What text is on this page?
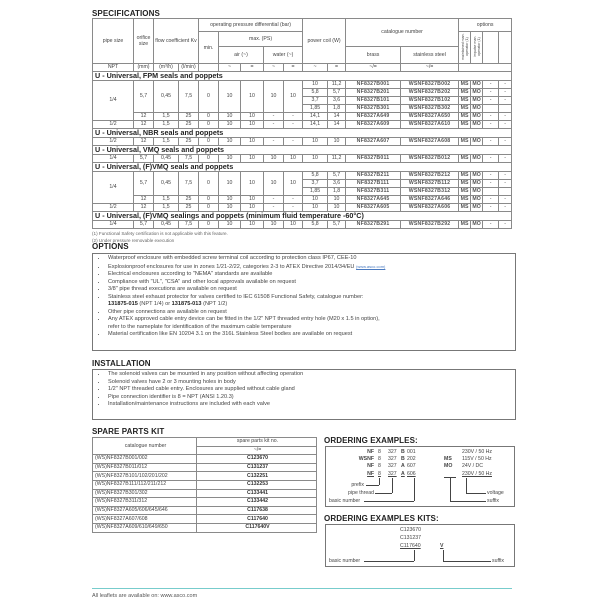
SPECIFICATIONS
pipe size	orifice size	flow coefficient Kv		operating pressure differential (bar)					power coil (W)		catalogue number		options			
				min.	max. (PS)								maintained man. operator (1)	impulse man. operator (1)		
					air (~)		water (~)				brass	stainless steel				
NPT	(mm)	(m³/h)	(l/min)		~	=	~	=	~	=	~/=	~/=				
U - Universal, FPM seals and poppets																
1/4	5,7	0,45	7,5	0	10	10	10	10	10	11,2	NF8327B001	WSNF8327B002	MS	MO	-	-
									5,8	5,7	NF8327B201	WSNF8327B202	MS	MO	-	-
									3,7	3,6	NF8327B101	WSNF8327B102	MS	MO	-	-
									1,85	1,8	NF8327B301	WSNF8327B302	MS	MO		
	12	1,5	25	0	10	10	-	-	14,1	14	NF8327A649	WSNF8327A650	MS	MO	-	-
1/2	12	1,5	25	0	10	10	-	-	14,1	14	NF8327A609	WSNF8327A610	MS	MO	-	-
U - Universal, NBR seals and poppets																
1/2	12	1,5	25	0	10	10	-	-	10	10	NF8327A607	WSNF8327A608	MS	MO	-	-
U - Universal, VMQ seals and poppets																
1/4	5,7	0,45	7,5	0	10	10	10	10	10	11,2	NF8327B011	WSNF8327B012	MS	MO	-	-
U - Universal, (F)VMQ seals and poppets																
1/4	5,7	0,45	7,5	0	10	10	10	10	5,8	5,7	NF8327B211	WSNF8327B212	MS	MO	-	-
									3,7	3,6	NF8327B111	WSNF8327B112	MS	MO	-	-
									1,85	1,8	NF8327B311	WSNF8327B312	MS	MO		
	12	1,5	25	0	10	10	-	-	10	10	NF8327A645	WSNF8327A646	MS	MO	-	-
1/2	12	1,5	25	0	10	10	-	-	10	10	NF8327A605	WSNF8327A606	MS	MO	-	-
U - Universal, (F)VMQ sealings and poppets (minimum fluid temperature -60°C)																
1/4	5,7	0,45	7,5	0	10	10	10	10	5,8	5,7	NF8327B291	WSNF8327B292	MS	MO	-	-
(1) Functional Safety certification is not applicable with this feature.
(2) Under pressure removable execution
OPTIONS
• Waterproof enclosure with embedded screw terminal coil according to protection class IP67, CEE-10
• Explosionproof enclosures for use in zones 1/21-2/22, categories 2-3 to ATEX Directive 2014/34/EU (www.asco.com)
• Electrical enclosures according to "NEMA" standards are available
• Compliance with "UL", "CSA" and other local approvals available on request
• 3/8" pipe thread executions are available on request
• Stainless steel exhaust protector for valves certified to IEC 61508 Functional Safety, catalogue number:
131875-015 (NPT 1/4) or 131875-013 (NPT 1/2)
• Other pipe connections are available on request
• Any ATEX approved cable entry device can be fitted in the 1/2" NPT threaded entry hole (M20 x 1.5 in option),
refer to the nameplate for identification of the maximum cable temperature
• Material certification like EN 10204 3.1 on the 316L Stainless Steel bodies are available on request
INSTALLATION
• The solenoid valves can be mounted in any position without affecting operation
• Solenoid valves have 2 or 3 mounting holes in body
• 1/2" NPT threaded cable entry. Enclosures are supplied without cable gland
• Pipe connection identifier is 8 = NPT (ANSI 1.20.3)
• Installation/maintenance instructions are included with each valve
SPARE PARTS KIT
catalogue number	spare parts kit no.
	~/=
(WS)NF8327B001/002	C123670
(WS)NF8327B011/012	C131237
(WS)NF8327B101/102/201/202	C132251
(WS)NF8327B111/112/211/212	C132253
(WS)NF8327B301/302	C133441
(WS)NF8327B311/312	C133442
(WS)NF8327A605/606/645/646	C117638
(WS)NF8327A607/608	C117640
(WS)NF8327A609/610/649/650	C117640V
ORDERING EXAMPLES:
NF 8 327 B 001	230V / 50 Hz
WSNF 8 327 B 202	MS 115V / 50 Hz
NF 8 327 A 607	MO 24V / DC
NF 8 327 A 606	230V / 50 Hz
prefix
pipe thread
basic number
voltage
suffix
ORDERING EXAMPLES KITS:
C123670
C131237
C117640	V
basic number	suffix
All leaflets are available on: www.asco.com
